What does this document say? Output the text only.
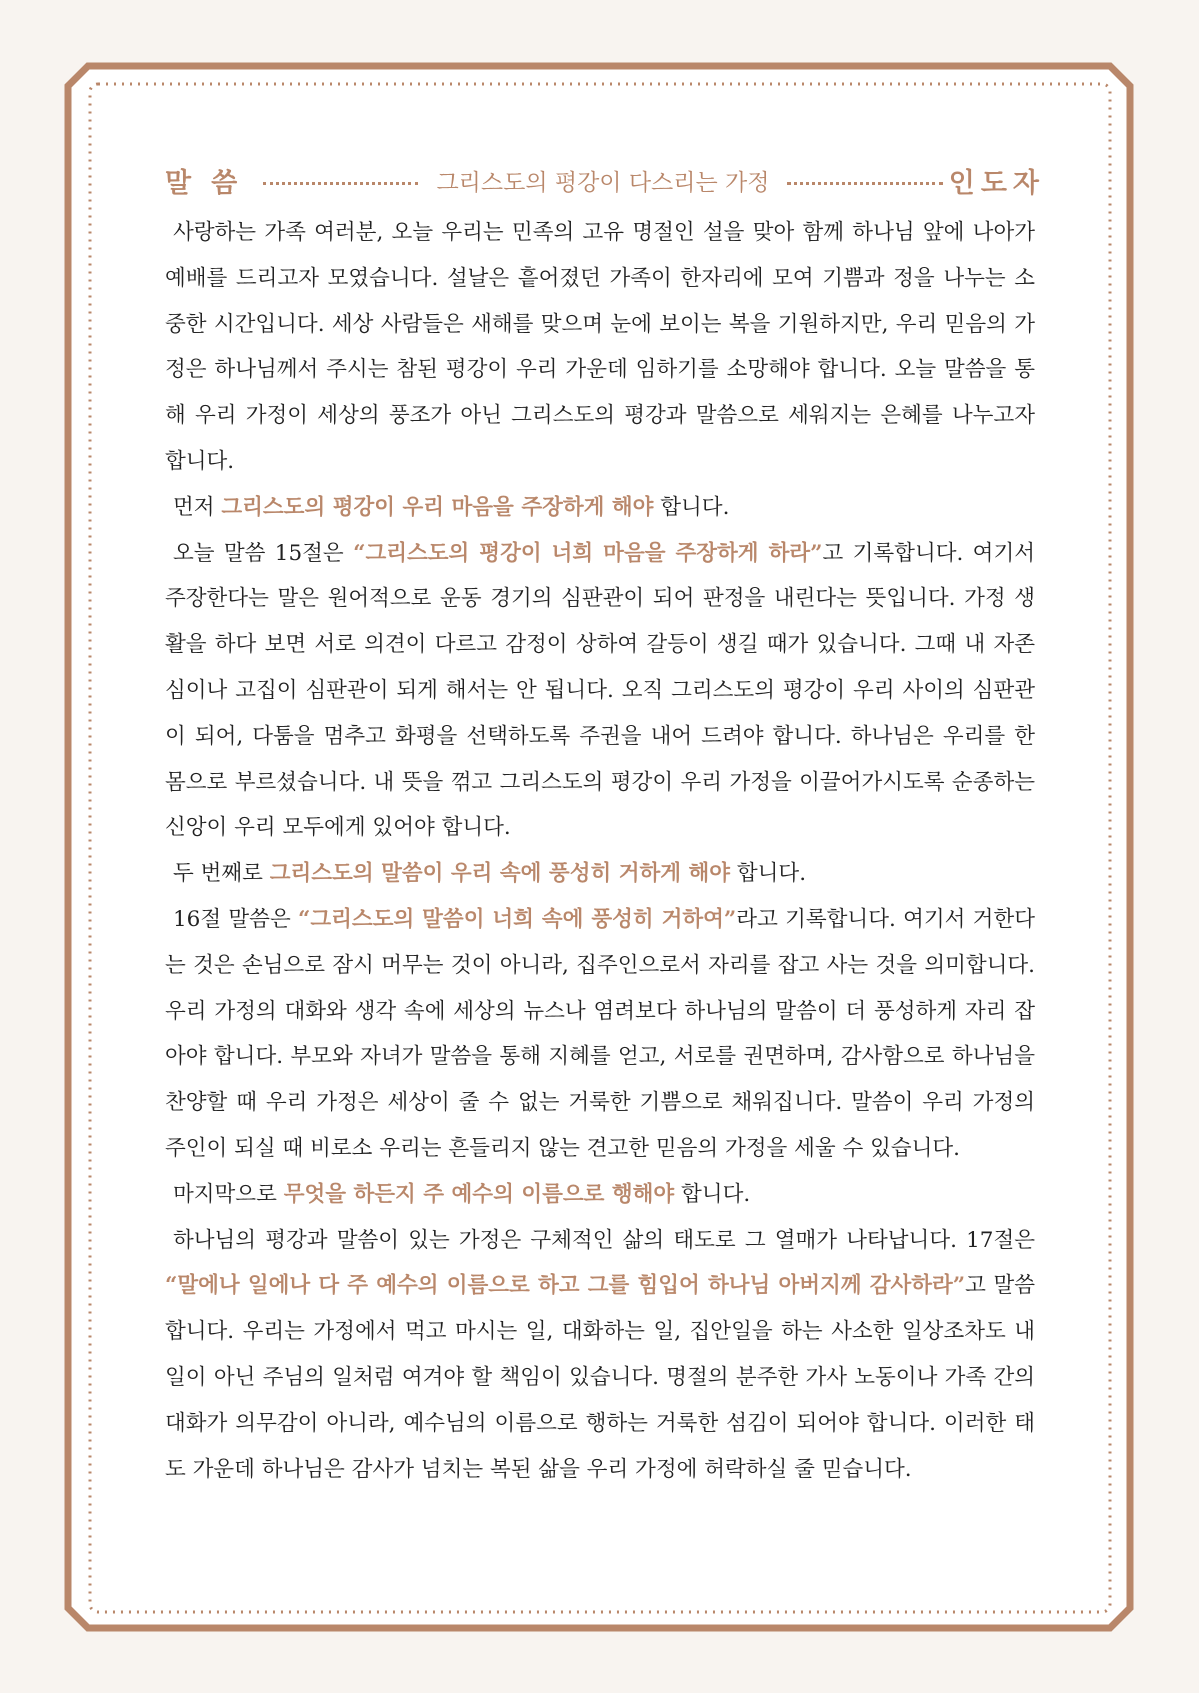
말씀	그리스도의 평강이 다스리는 가정	인도자

사랑하는 가족 여러분, 오늘 우리는 민족의 고유 명절인 설을 맞아 함께 하나님 앞에 나아가 예배를 드리고자 모였습니다. 설날은 흩어졌던 가족이 한자리에 모여 기쁨과 정을 나누는 소중한 시간입니다. 세상 사람들은 새해를 맞으며 눈에 보이는 복을 기원하지만, 우리 믿음의 가정은 하나님께서 주시는 참된 평강이 우리 가운데 임하기를 소망해야 합니다. 오늘 말씀을 통해 우리 가정이 세상의 풍조가 아닌 그리스도의 평강과 말씀으로 세워지는 은혜를 나누고자 합니다.

먼저 그리스도의 평강이 우리 마음을 주장하게 해야 합니다.

오늘 말씀 15절은 “그리스도의 평강이 너희 마음을 주장하게 하라”고 기록합니다. 여기서 주장한다는 말은 원어적으로 운동 경기의 심판관이 되어 판정을 내린다는 뜻입니다. 가정 생활을 하다 보면 서로 의견이 다르고 감정이 상하여 갈등이 생길 때가 있습니다. 그때 내 자존심이나 고집이 심판관이 되게 해서는 안 됩니다. 오직 그리스도의 평강이 우리 사이의 심판관이 되어, 다툼을 멈추고 화평을 선택하도록 주권을 내어 드려야 합니다. 하나님은 우리를 한 몸으로 부르셨습니다. 내 뜻을 꺾고 그리스도의 평강이 우리 가정을 이끌어가시도록 순종하는 신앙이 우리 모두에게 있어야 합니다.

두 번째로 그리스도의 말씀이 우리 속에 풍성히 거하게 해야 합니다.

16절 말씀은 “그리스도의 말씀이 너희 속에 풍성히 거하여”라고 기록합니다. 여기서 거한다는 것은 손님으로 잠시 머무는 것이 아니라, 집주인으로서 자리를 잡고 사는 것을 의미합니다. 우리 가정의 대화와 생각 속에 세상의 뉴스나 염려보다 하나님의 말씀이 더 풍성하게 자리 잡아야 합니다. 부모와 자녀가 말씀을 통해 지혜를 얻고, 서로를 권면하며, 감사함으로 하나님을 찬양할 때 우리 가정은 세상이 줄 수 없는 거룩한 기쁨으로 채워집니다. 말씀이 우리 가정의 주인이 되실 때 비로소 우리는 흔들리지 않는 견고한 믿음의 가정을 세울 수 있습니다.

마지막으로 무엇을 하든지 주 예수의 이름으로 행해야 합니다.

하나님의 평강과 말씀이 있는 가정은 구체적인 삶의 태도로 그 열매가 나타납니다. 17절은 “말에나 일에나 다 주 예수의 이름으로 하고 그를 힘입어 하나님 아버지께 감사하라”고 말씀합니다. 우리는 가정에서 먹고 마시는 일, 대화하는 일, 집안일을 하는 사소한 일상조차도 내 일이 아닌 주님의 일처럼 여겨야 할 책임이 있습니다. 명절의 분주한 가사 노동이나 가족 간의 대화가 의무감이 아니라, 예수님의 이름으로 행하는 거룩한 섬김이 되어야 합니다. 이러한 태도 가운데 하나님은 감사가 넘치는 복된 삶을 우리 가정에 허락하실 줄 믿습니다.
